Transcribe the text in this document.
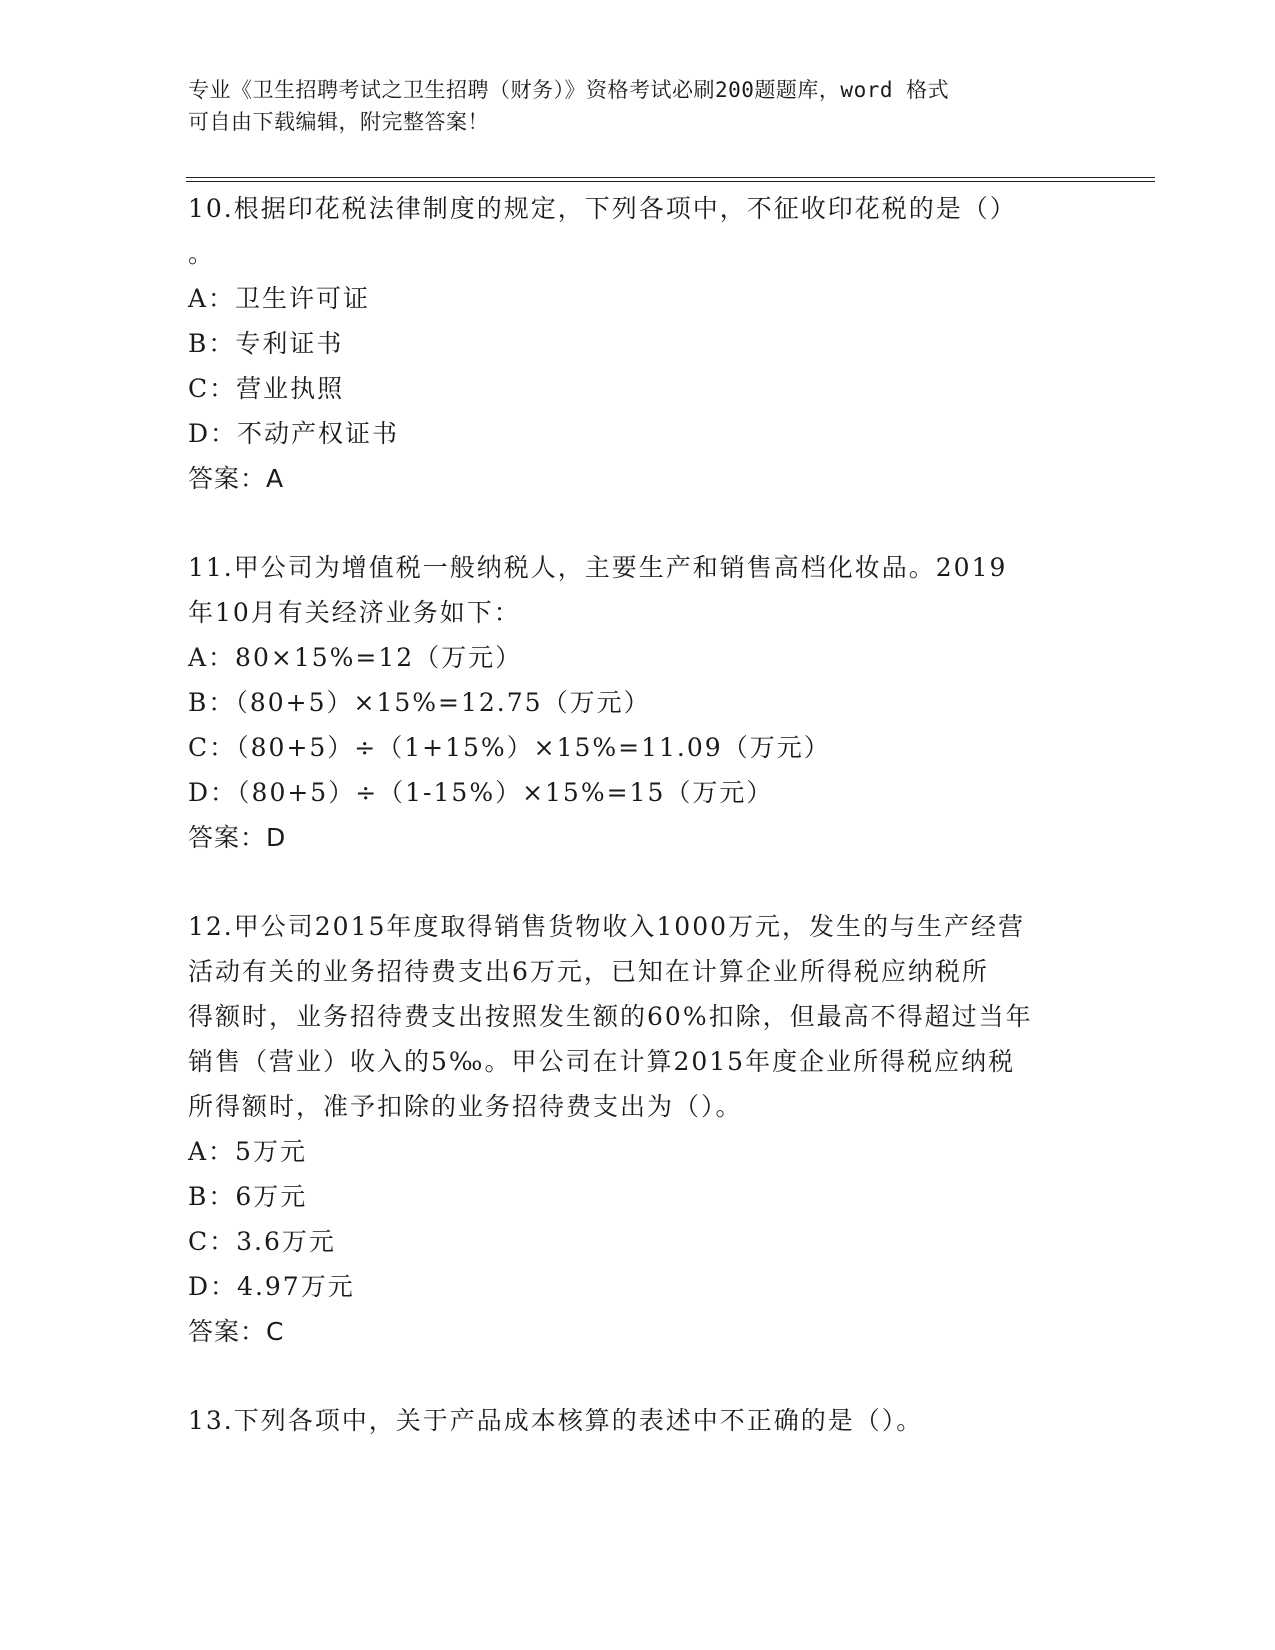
专业《卫生招聘考试之卫生招聘（财务）》资格考试必刷200题题库，word 格式
可自由下载编辑，附完整答案！
10.根据印花税法律制度的规定，下列各项中，不征收印花税的是（）
。
A：卫生许可证
B：专利证书
C：营业执照
D：不动产权证书
答案：A
11.甲公司为增值税一般纳税人，主要生产和销售高档化妆品。2019
年10月有关经济业务如下：
A：80×15%=12（万元）
B：（80+5）×15%=12.75（万元）
C：（80+5）÷（1+15%）×15%=11.09（万元）
D：（80+5）÷（1-15%）×15%=15（万元）
答案：D
12.甲公司2015年度取得销售货物收入1000万元，发生的与生产经营
活动有关的业务招待费支出6万元，已知在计算企业所得税应纳税所
得额时，业务招待费支出按照发生额的60%扣除，但最高不得超过当年
销售（营业）收入的5‰。甲公司在计算2015年度企业所得税应纳税
所得额时，准予扣除的业务招待费支出为（）。
A：5万元
B：6万元
C：3.6万元
D：4.97万元
答案：C
13.下列各项中，关于产品成本核算的表述中不正确的是（）。
